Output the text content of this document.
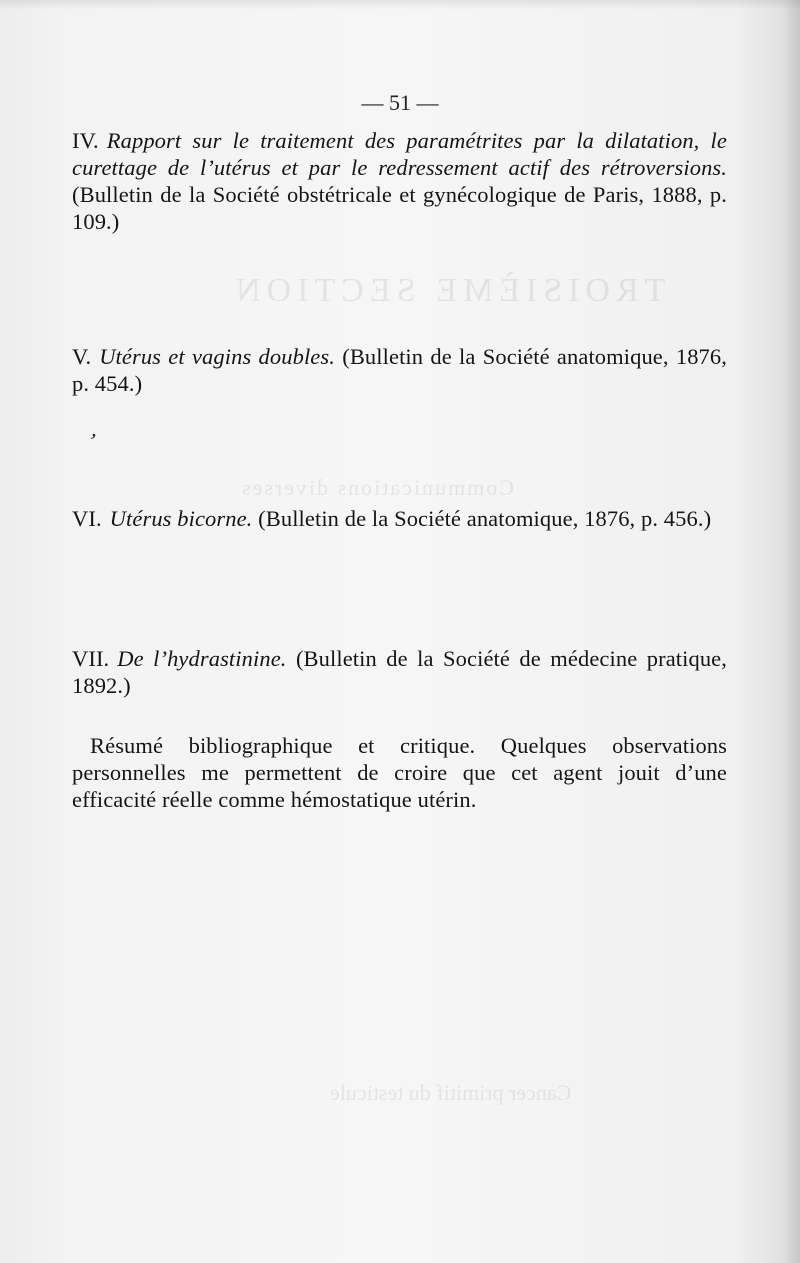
TROISIÈME SECTION
Communications diverses
Cancer primitif du testicule
— 51 —

IV. Rapport sur le traitement des paramétrites par la dilatation, le curettage de l’utérus et par le redressement actif des rétroversions. (Bulletin de la Société obstétricale et gynécologique de Paris, 1888, p. 109.)

V. Utérus et vagins doubles. (Bulletin de la Société anatomique, 1876, p. 454.)

’

VI. Utérus bicorne. (Bulletin de la Société anatomique, 1876, p. 456.)

VII. De l’hydrastinine. (Bulletin de la Société de médecine pratique, 1892.)

Résumé bibliographique et critique. Quelques observations personnelles me permettent de croire que cet agent jouit d’une efficacité réelle comme hémostatique utérin.
